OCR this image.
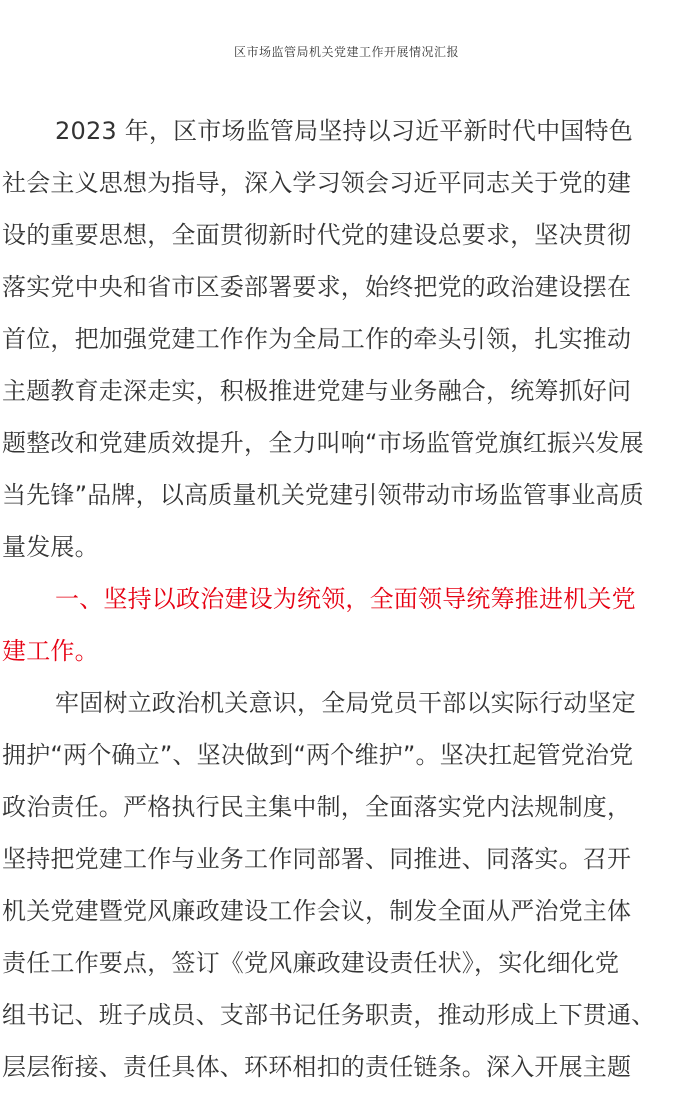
区市场监管局机关党建工作开展情况汇报
2023 年，区市场监管局坚持以习近平新时代中国特色
社会主义思想为指导，深入学习领会习近平同志关于党的建
设的重要思想，全面贯彻新时代党的建设总要求，坚决贯彻
落实党中央和省市区委部署要求，始终把党的政治建设摆在
首位，把加强党建工作作为全局工作的牵头引领，扎实推动
主题教育走深走实，积极推进党建与业务融合，统筹抓好问
题整改和党建质效提升，全力叫响“市场监管党旗红振兴发展
当先锋”品牌，以高质量机关党建引领带动市场监管事业高质
量发展。
一、坚持以政治建设为统领，全面领导统筹推进机关党
建工作。
牢固树立政治机关意识，全局党员干部以实际行动坚定
拥护“两个确立”、坚决做到“两个维护”。坚决扛起管党治党
政治责任。严格执行民主集中制，全面落实党内法规制度，
坚持把党建工作与业务工作同部署、同推进、同落实。召开
机关党建暨党风廉政建设工作会议，制发全面从严治党主体
责任工作要点，签订《党风廉政建设责任状》，实化细化党
组书记、班子成员、支部书记任务职责，推动形成上下贯通、
层层衔接、责任具体、环环相扣的责任链条。深入开展主题
